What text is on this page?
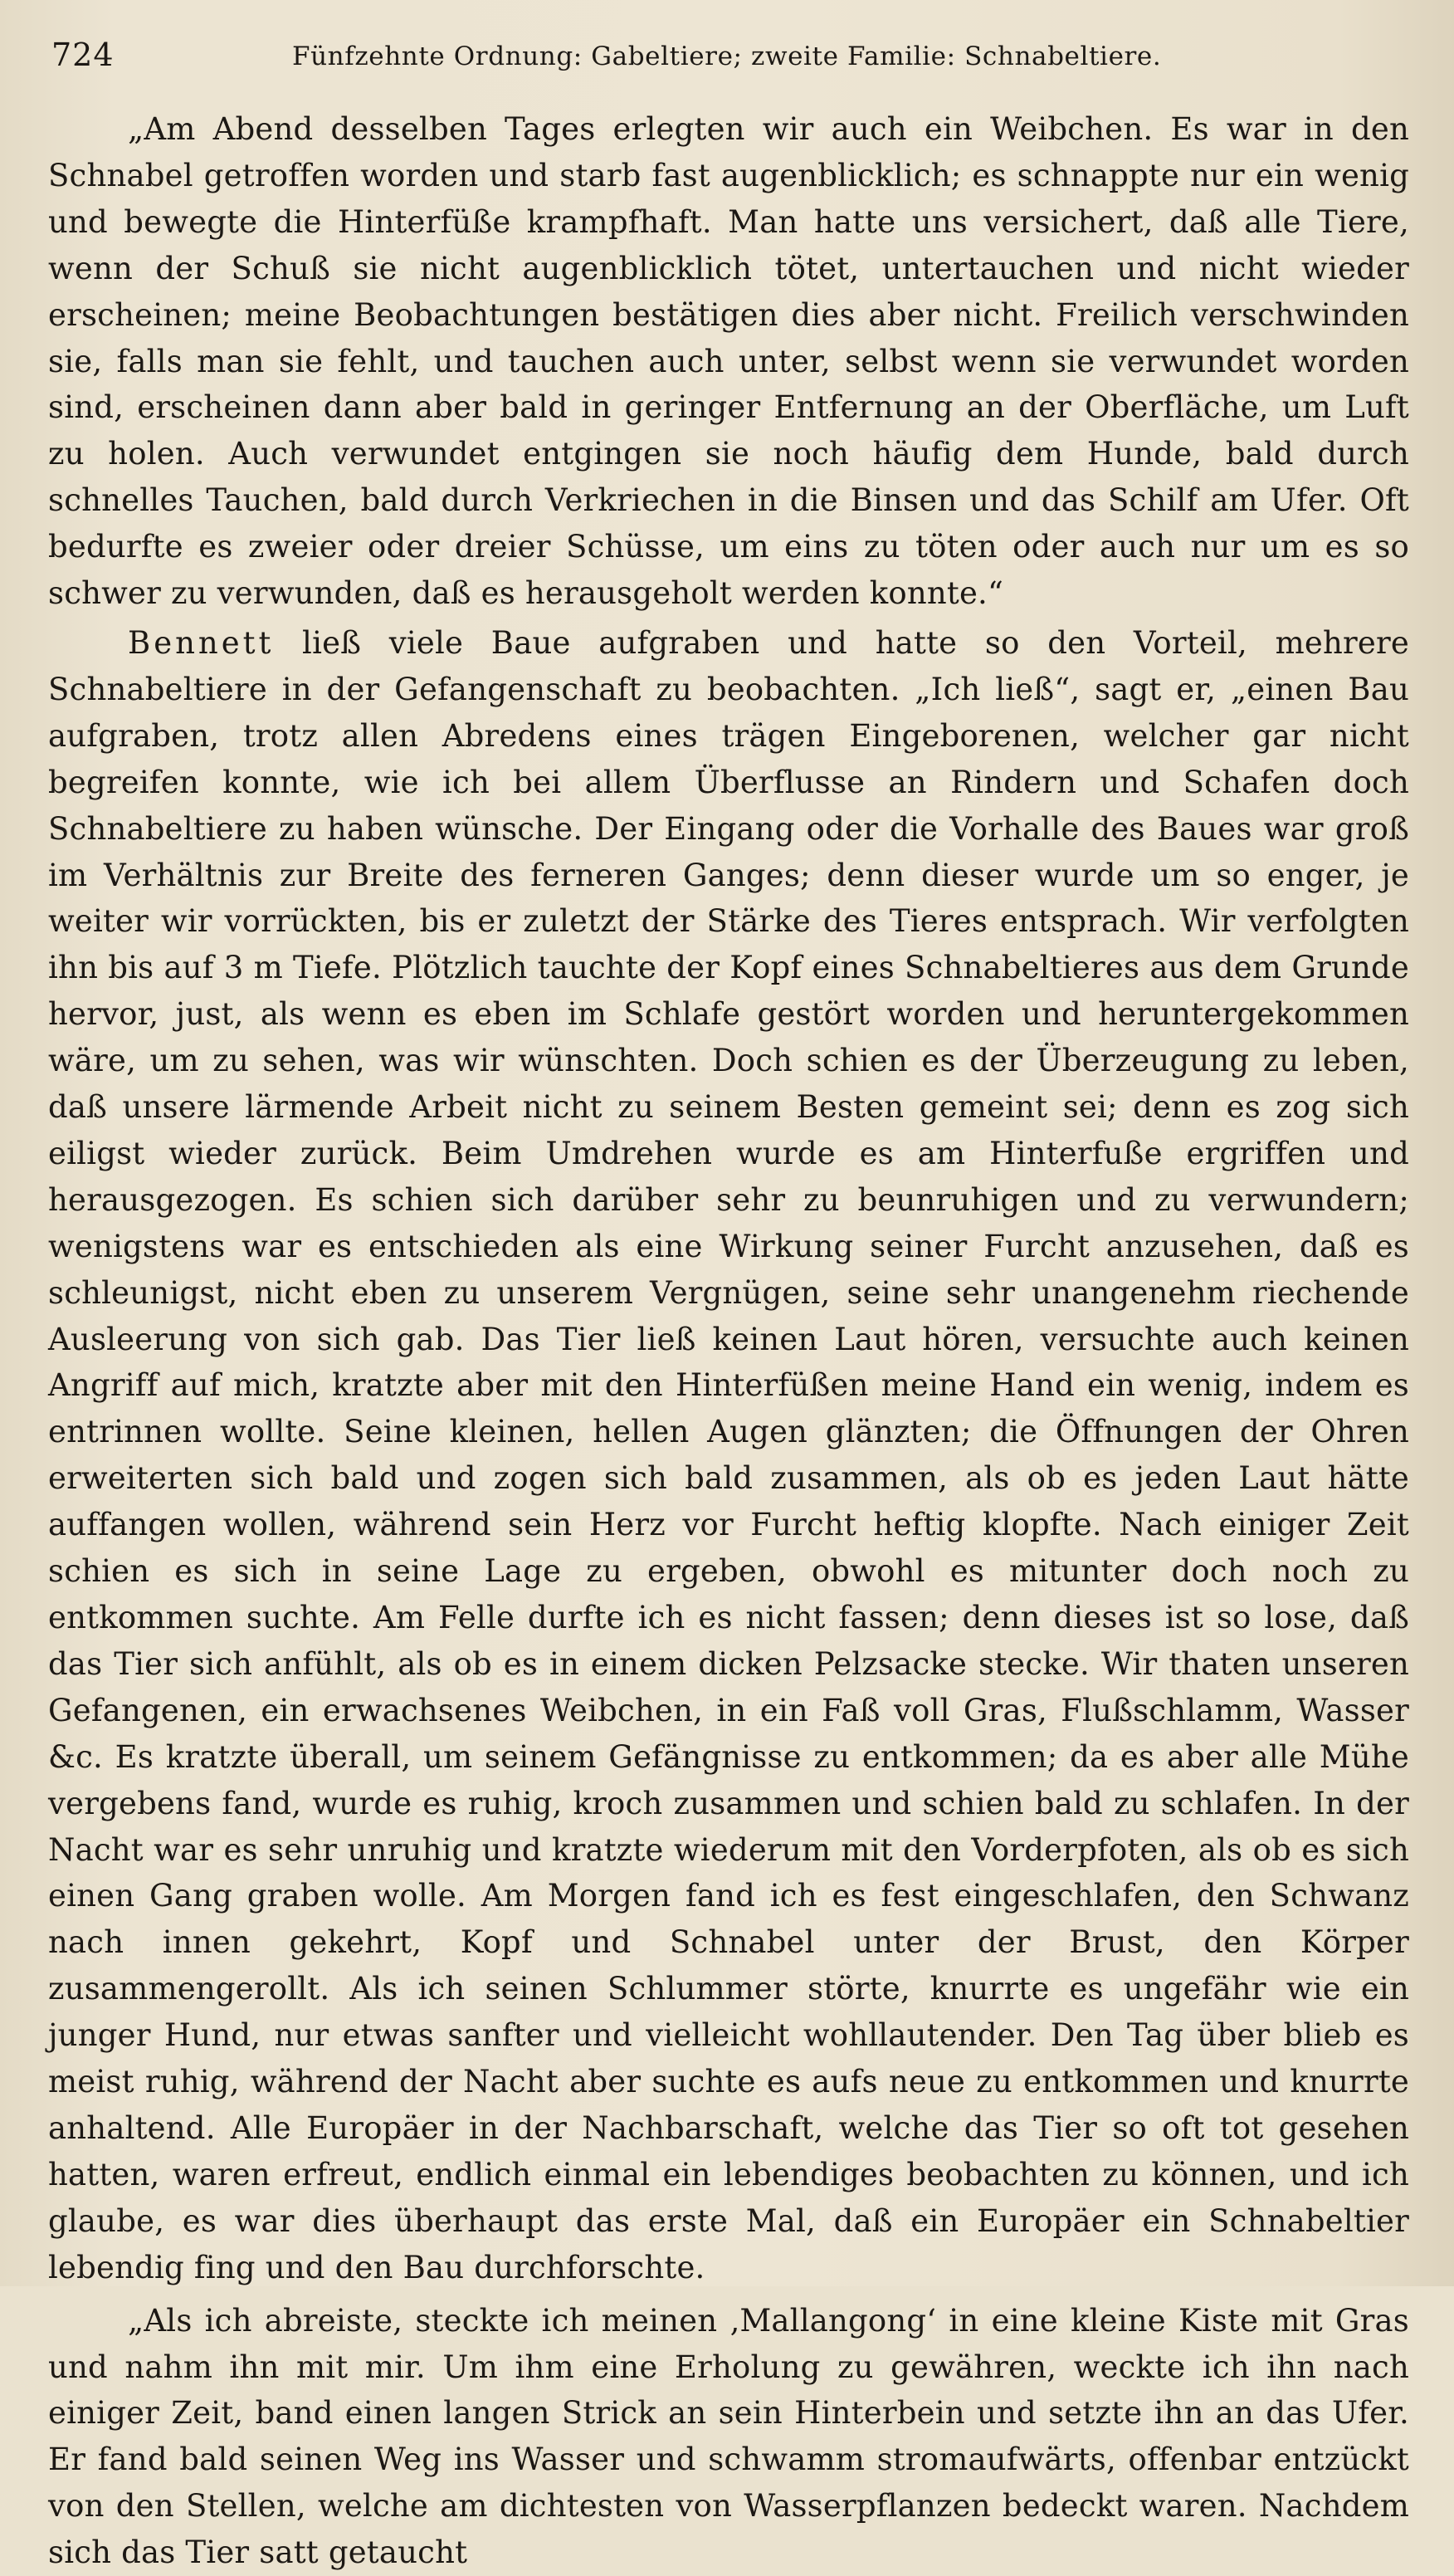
724	Fünfzehnte Ordnung: Gabeltiere; zweite Familie: Schnabeltiere.

„Am Abend desselben Tages erlegten wir auch ein Weibchen. Es war in den Schnabel getroffen worden und starb fast augenblicklich; es schnappte nur ein wenig und bewegte die Hinterfüße krampfhaft. Man hatte uns versichert, daß alle Tiere, wenn der Schuß sie nicht augenblicklich tötet, untertauchen und nicht wieder erscheinen; meine Beobachtungen bestätigen dies aber nicht. Freilich verschwinden sie, falls man sie fehlt, und tauchen auch unter, selbst wenn sie verwundet worden sind, erscheinen dann aber bald in geringer Entfernung an der Oberfläche, um Luft zu holen. Auch verwundet entgingen sie noch häufig dem Hunde, bald durch schnelles Tauchen, bald durch Verkriechen in die Binsen und das Schilf am Ufer. Oft bedurfte es zweier oder dreier Schüsse, um eins zu töten oder auch nur um es so schwer zu verwunden, daß es herausgeholt werden konnte.“

Bennett ließ viele Baue aufgraben und hatte so den Vorteil, mehrere Schnabeltiere in der Gefangenschaft zu beobachten. „Ich ließ“, sagt er, „einen Bau aufgraben, trotz allen Abredens eines trägen Eingeborenen, welcher gar nicht begreifen konnte, wie ich bei allem Überflusse an Rindern und Schafen doch Schnabeltiere zu haben wünsche. Der Eingang oder die Vorhalle des Baues war groß im Verhältnis zur Breite des ferneren Ganges; denn dieser wurde um so enger, je weiter wir vorrückten, bis er zuletzt der Stärke des Tieres entsprach. Wir verfolgten ihn bis auf 3 m Tiefe. Plötzlich tauchte der Kopf eines Schnabeltieres aus dem Grunde hervor, just, als wenn es eben im Schlafe gestört worden und heruntergekommen wäre, um zu sehen, was wir wünschten. Doch schien es der Überzeugung zu leben, daß unsere lärmende Arbeit nicht zu seinem Besten gemeint sei; denn es zog sich eiligst wieder zurück. Beim Umdrehen wurde es am Hinterfuße ergriffen und herausgezogen. Es schien sich darüber sehr zu beunruhigen und zu verwundern; wenigstens war es entschieden als eine Wirkung seiner Furcht anzusehen, daß es schleunigst, nicht eben zu unserem Vergnügen, seine sehr unangenehm riechende Ausleerung von sich gab. Das Tier ließ keinen Laut hören, versuchte auch keinen Angriff auf mich, kratzte aber mit den Hinterfüßen meine Hand ein wenig, indem es entrinnen wollte. Seine kleinen, hellen Augen glänzten; die Öffnungen der Ohren erweiterten sich bald und zogen sich bald zusammen, als ob es jeden Laut hätte auffangen wollen, während sein Herz vor Furcht heftig klopfte. Nach einiger Zeit schien es sich in seine Lage zu ergeben, obwohl es mitunter doch noch zu entkommen suchte. Am Felle durfte ich es nicht fassen; denn dieses ist so lose, daß das Tier sich anfühlt, als ob es in einem dicken Pelzsacke stecke. Wir thaten unseren Gefangenen, ein erwachsenes Weibchen, in ein Faß voll Gras, Flußschlamm, Wasser &c. Es kratzte überall, um seinem Gefängnisse zu entkommen; da es aber alle Mühe vergebens fand, wurde es ruhig, kroch zusammen und schien bald zu schlafen. In der Nacht war es sehr unruhig und kratzte wiederum mit den Vorderpfoten, als ob es sich einen Gang graben wolle. Am Morgen fand ich es fest eingeschlafen, den Schwanz nach innen gekehrt, Kopf und Schnabel unter der Brust, den Körper zusammengerollt. Als ich seinen Schlummer störte, knurrte es ungefähr wie ein junger Hund, nur etwas sanfter und vielleicht wohllautender. Den Tag über blieb es meist ruhig, während der Nacht aber suchte es aufs neue zu entkommen und knurrte anhaltend. Alle Europäer in der Nachbarschaft, welche das Tier so oft tot gesehen hatten, waren erfreut, endlich einmal ein lebendiges beobachten zu können, und ich glaube, es war dies überhaupt das erste Mal, daß ein Europäer ein Schnabeltier lebendig fing und den Bau durchforschte.

„Als ich abreiste, steckte ich meinen ‚Mallangong‘ in eine kleine Kiste mit Gras und nahm ihn mit mir. Um ihm eine Erholung zu gewähren, weckte ich ihn nach einiger Zeit, band einen langen Strick an sein Hinterbein und setzte ihn an das Ufer. Er fand bald seinen Weg ins Wasser und schwamm stromaufwärts, offenbar entzückt von den Stellen, welche am dichtesten von Wasserpflanzen bedeckt waren. Nachdem sich das Tier satt getaucht
